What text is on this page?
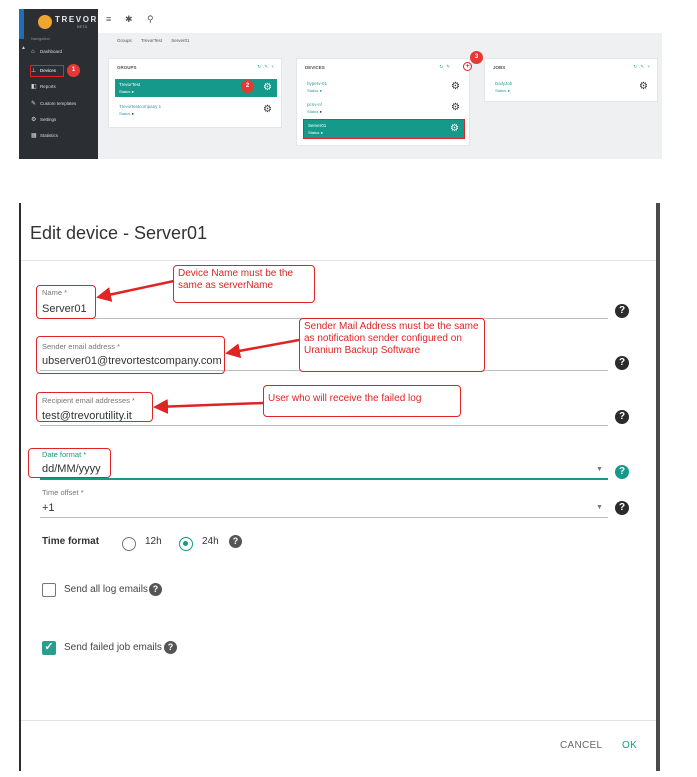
TREVOR
BETA
Navigation
▲
⌂ Dashboard
⊥ Devices	1
◧ Reports
✎ Custom templates
⚙ Settings
▦ Statistics
≡ ✱ ⚲
Groups TrevorTest Server01
GROUPS	↻ ✎ +
TrevorTest
Status ●	⚙
Trevortestcompany 1
Status ●	⚙
2
DEVICES	↻ ✎
hyperv-01
Status ●	⚙
pcnv-nf
Status ●	⚙
Server01
Status ●	⚙
+
3
JOBS	↻ ✎ +
DailyJob
Status ●	⚙
Edit device - Server01
Name *
Server01	?
Sender email address *
ubserver01@trevortestcompany.com	?
Recipient email addresses *
test@trevorutility.it	?
Date format *
dd/MM/yyyy	▼	?
Time offset *
+1	▼	?
Time format	12h	24h	?
Send all log emails ?
✓ Send failed job emails ?
CANCEL OK
Device Name must be the same as serverName
Sender Mail Address must be the same as notification sender configured on Uranium Backup Software
User who will receive the failed log
